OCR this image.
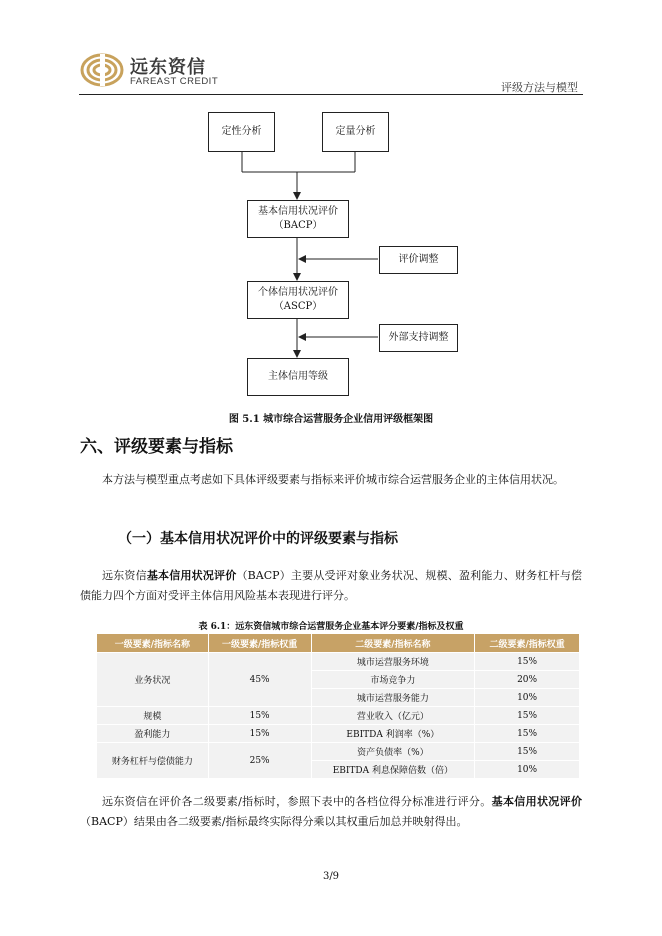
远东资信
FAREAST CREDIT	评级方法与模型
定性分析	定量分析
基本信用状况评价
（BACP）
评价调整
个体信用状况评价
（ASCP）
外部支持调整
主体信用等级
图 5.1 城市综合运营服务企业信用评级框架图
六、评级要素与指标
本方法与模型重点考虑如下具体评级要素与指标来评价城市综合运营服务企业的主体信用状况。
（一）基本信用状况评价中的评级要素与指标
远东资信基本信用状况评价（BACP）主要从受评对象业务状况、规模、盈利能力、财务杠杆与偿债能力四个方面对受评主体信用风险基本表现进行评分。
表 6.1：远东资信城市综合运营服务企业基本评分要素/指标及权重
一级要素/指标名称	一级要素/指标权重	二级要素/指标名称	二级要素/指标权重
业务状况	45%	城市运营服务环境	15%
		市场竞争力	20%
		城市运营服务能力	10%
规模	15%	营业收入（亿元）	15%
盈利能力	15%	EBITDA 利润率（%）	15%
财务杠杆与偿债能力	25%	资产负债率（%）	15%
		EBITDA 利息保障倍数（倍）	10%
远东资信在评价各二级要素/指标时，参照下表中的各档位得分标准进行评分。基本信用状况评价（BACP）结果由各二级要素/指标最终实际得分乘以其权重后加总并映射得出。
3/9
